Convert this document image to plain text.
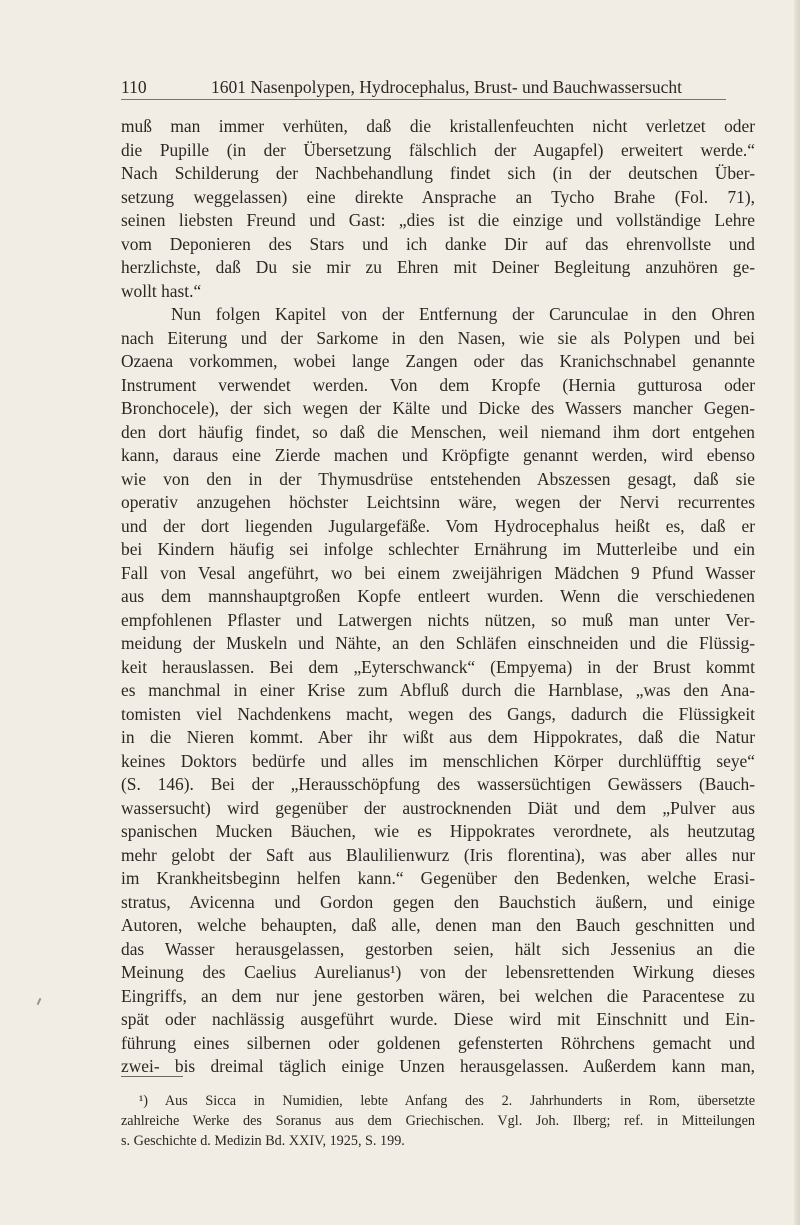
110	1601 Nasenpolypen, Hydrocephalus, Brust- und Bauchwassersucht
muß man immer verhüten, daß die kristallenfeuchten nicht verletzet oder
die Pupille (in der Übersetzung fälschlich der Augapfel) erweitert werde.“
Nach Schilderung der Nachbehandlung findet sich (in der deutschen Über-
setzung weggelassen) eine direkte Ansprache an Tycho Brahe (Fol. 71),
seinen liebsten Freund und Gast: „dies ist die einzige und vollständige Lehre
vom Deponieren des Stars und ich danke Dir auf das ehrenvollste und
herzlichste, daß Du sie mir zu Ehren mit Deiner Begleitung anzuhören ge-
wollt hast.“
Nun folgen Kapitel von der Entfernung der Carunculae in den Ohren
nach Eiterung und der Sarkome in den Nasen, wie sie als Polypen und bei
Ozaena vorkommen, wobei lange Zangen oder das Kranichschnabel genannte
Instrument verwendet werden. Von dem Kropfe (Hernia gutturosa oder
Bronchocele), der sich wegen der Kälte und Dicke des Wassers mancher Gegen-
den dort häufig findet, so daß die Menschen, weil niemand ihm dort entgehen
kann, daraus eine Zierde machen und Kröpfigte genannt werden, wird ebenso
wie von den in der Thymusdrüse entstehenden Abszessen gesagt, daß sie
operativ anzugehen höchster Leichtsinn wäre, wegen der Nervi recurrentes
und der dort liegenden Jugulargefäße. Vom Hydrocephalus heißt es, daß er
bei Kindern häufig sei infolge schlechter Ernährung im Mutterleibe und ein
Fall von Vesal angeführt, wo bei einem zweijährigen Mädchen 9 Pfund Wasser
aus dem mannshauptgroßen Kopfe entleert wurden. Wenn die verschiedenen
empfohlenen Pflaster und Latwergen nichts nützen, so muß man unter Ver-
meidung der Muskeln und Nähte, an den Schläfen einschneiden und die Flüssig-
keit herauslassen. Bei dem „Eyterschwanck“ (Empyema) in der Brust kommt
es manchmal in einer Krise zum Abfluß durch die Harnblase, „was den Ana-
tomisten viel Nachdenkens macht, wegen des Gangs, dadurch die Flüssigkeit
in die Nieren kommt. Aber ihr wißt aus dem Hippokrates, daß die Natur
keines Doktors bedürfe und alles im menschlichen Körper durchlüfftig seye“
(S. 146). Bei der „Herausschöpfung des wassersüchtigen Gewässers (Bauch-
wassersucht) wird gegenüber der austrocknenden Diät und dem „Pulver aus
spanischen Mucken Bäuchen, wie es Hippokrates verordnete, als heutzutag
mehr gelobt der Saft aus Blaulilienwurz (Iris florentina), was aber alles nur
im Krankheitsbeginn helfen kann.“ Gegenüber den Bedenken, welche Erasi-
stratus, Avicenna und Gordon gegen den Bauchstich äußern, und einige
Autoren, welche behaupten, daß alle, denen man den Bauch geschnitten und
das Wasser herausgelassen, gestorben seien, hält sich Jessenius an die
Meinung des Caelius Aurelianus¹) von der lebensrettenden Wirkung dieses
Eingriffs, an dem nur jene gestorben wären, bei welchen die Paracentese zu
spät oder nachlässig ausgeführt wurde. Diese wird mit Einschnitt und Ein-
führung eines silbernen oder goldenen gefensterten Röhrchens gemacht und
zwei- bis dreimal täglich einige Unzen herausgelassen. Außerdem kann man,
¹) Aus Sicca in Numidien, lebte Anfang des 2. Jahrhunderts in Rom, übersetzte
zahlreiche Werke des Soranus aus dem Griechischen. Vgl. Joh. Ilberg; ref. in Mitteilungen
s. Geschichte d. Medizin Bd. XXIV, 1925, S. 199.
